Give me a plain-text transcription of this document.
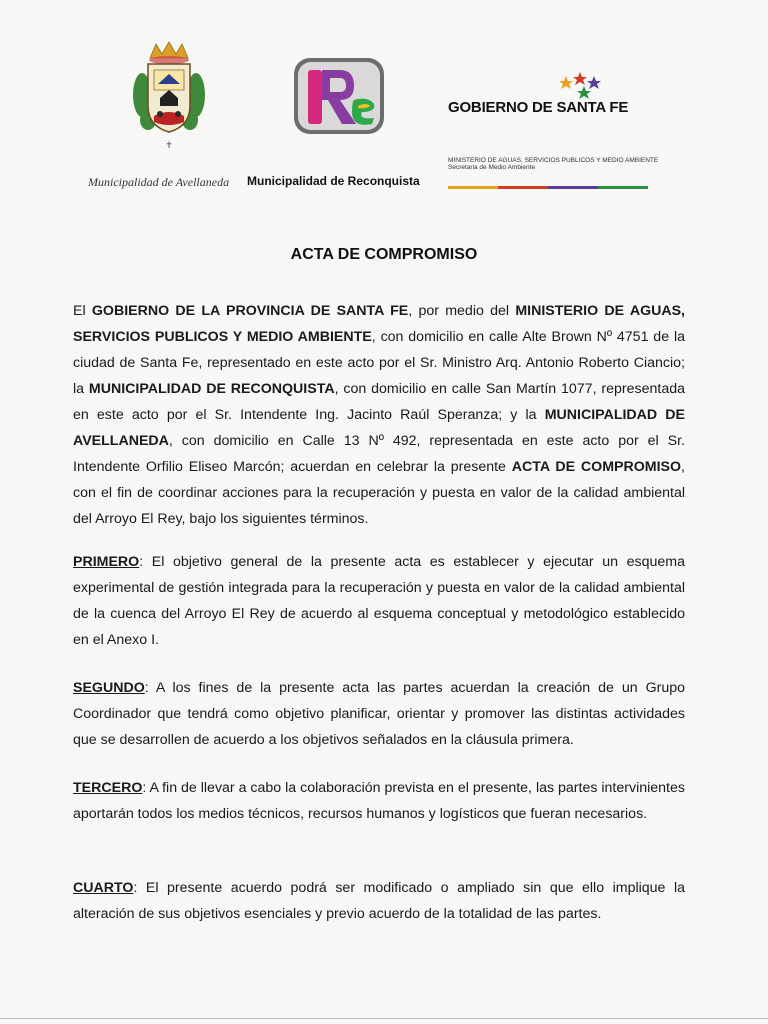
✝
Municipalidad de Avellaneda Municipalidad de Reconquista
GOBIERNO DE SANTA FE
MINISTERIO DE AGUAS, SERVICIOS PUBLICOS Y MEDIO AMBIENTE
Secretaria de Medio Ambiente
ACTA DE COMPROMISO
El GOBIERNO DE LA PROVINCIA DE SANTA FE, por medio del MINISTERIO DE AGUAS, SERVICIOS PUBLICOS Y MEDIO AMBIENTE, con domicilio en calle Alte Brown Nº 4751 de la ciudad de Santa Fe, representado en este acto por el Sr. Ministro Arq. Antonio Roberto Ciancio; la MUNICIPALIDAD DE RECONQUISTA, con domicilio en calle San Martín 1077, representada en este acto por el Sr. Intendente Ing. Jacinto Raúl Speranza; y la MUNICIPALIDAD DE AVELLANEDA, con domicilio en Calle 13 Nº 492, representada en este acto por el Sr. Intendente Orfilio Eliseo Marcón; acuerdan en celebrar la presente ACTA DE COMPROMISO, con el fin de coordinar acciones para la recuperación y puesta en valor de la calidad ambiental del Arroyo El Rey, bajo los siguientes términos.
PRIMERO: El objetivo general de la presente acta es establecer y ejecutar un esquema experimental de gestión integrada para la recuperación y puesta en valor de la calidad ambiental de la cuenca del Arroyo El Rey de acuerdo al esquema conceptual y metodológico establecido en el Anexo I.
SEGUNDO: A los fines de la presente acta las partes acuerdan la creación de un Grupo Coordinador que tendrá como objetivo planificar, orientar y promover las distintas actividades que se desarrollen de acuerdo a los objetivos señalados en la cláusula primera.
TERCERO: A fin de llevar a cabo la colaboración prevista en el presente, las partes intervinientes aportarán todos los medios técnicos, recursos humanos y logísticos que fueran necesarios.
CUARTO: El presente acuerdo podrá ser modificado o ampliado sin que ello implique la alteración de sus objetivos esenciales y previo acuerdo de la totalidad de las partes.
